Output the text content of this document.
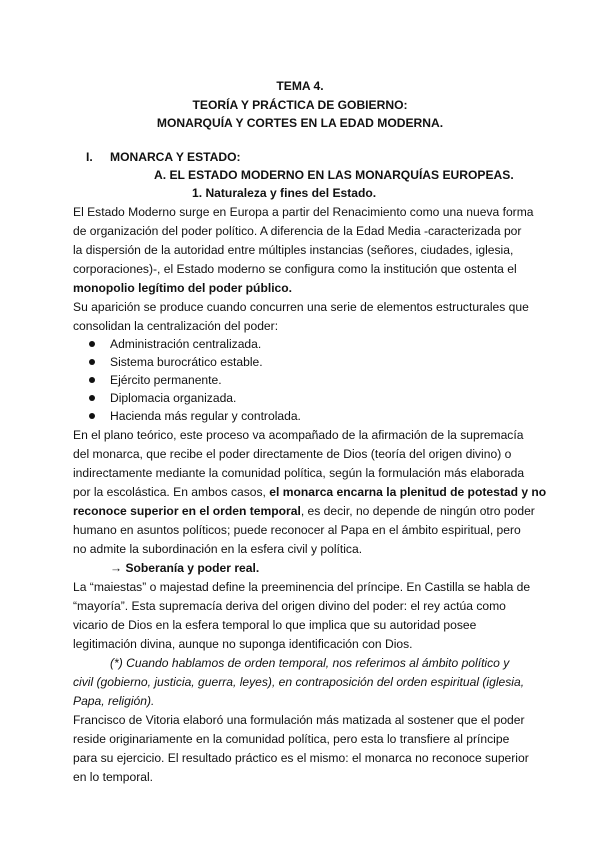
TEMA 4.
TEORÍA Y PRÁCTICA DE GOBIERNO:
MONARQUÍA Y CORTES EN LA EDAD MODERNA.
I. MONARCA Y ESTADO:
A. EL ESTADO MODERNO EN LAS MONARQUÍAS EUROPEAS.
1. Naturaleza y fines del Estado.
El Estado Moderno surge en Europa a partir del Renacimiento como una nueva forma
de organización del poder político. A diferencia de la Edad Media -caracterizada por
la dispersión de la autoridad entre múltiples instancias (señores, ciudades, iglesia,
corporaciones)-, el Estado moderno se configura como la institución que ostenta el
monopolio legítimo del poder público.
Su aparición se produce cuando concurren una serie de elementos estructurales que
consolidan la centralización del poder:
Administración centralizada.
Sistema burocrático estable.
Ejército permanente.
Diplomacia organizada.
Hacienda más regular y controlada.
En el plano teórico, este proceso va acompañado de la afirmación de la supremacía
del monarca, que recibe el poder directamente de Dios (teoría del origen divino) o
indirectamente mediante la comunidad política, según la formulación más elaborada
por la escolástica. En ambos casos, el monarca encarna la plenitud de potestad y no
reconoce superior en el orden temporal, es decir, no depende de ningún otro poder
humano en asuntos políticos; puede reconocer al Papa en el ámbito espiritual, pero
no admite la subordinación en la esfera civil y política.
→ Soberanía y poder real.
La “maiestas” o majestad define la preeminencia del príncipe. En Castilla se habla de
“mayoría”. Esta supremacía deriva del origen divino del poder: el rey actúa como
vicario de Dios en la esfera temporal lo que implica que su autoridad posee
legitimación divina, aunque no suponga identificación con Dios.
(*) Cuando hablamos de orden temporal, nos referimos al ámbito político y
civil (gobierno, justicia, guerra, leyes), en contraposición del orden espiritual (iglesia,
Papa, religión).
Francisco de Vitoria elaboró una formulación más matizada al sostener que el poder
reside originariamente en la comunidad política, pero esta lo transfiere al príncipe
para su ejercicio. El resultado práctico es el mismo: el monarca no reconoce superior
en lo temporal.
